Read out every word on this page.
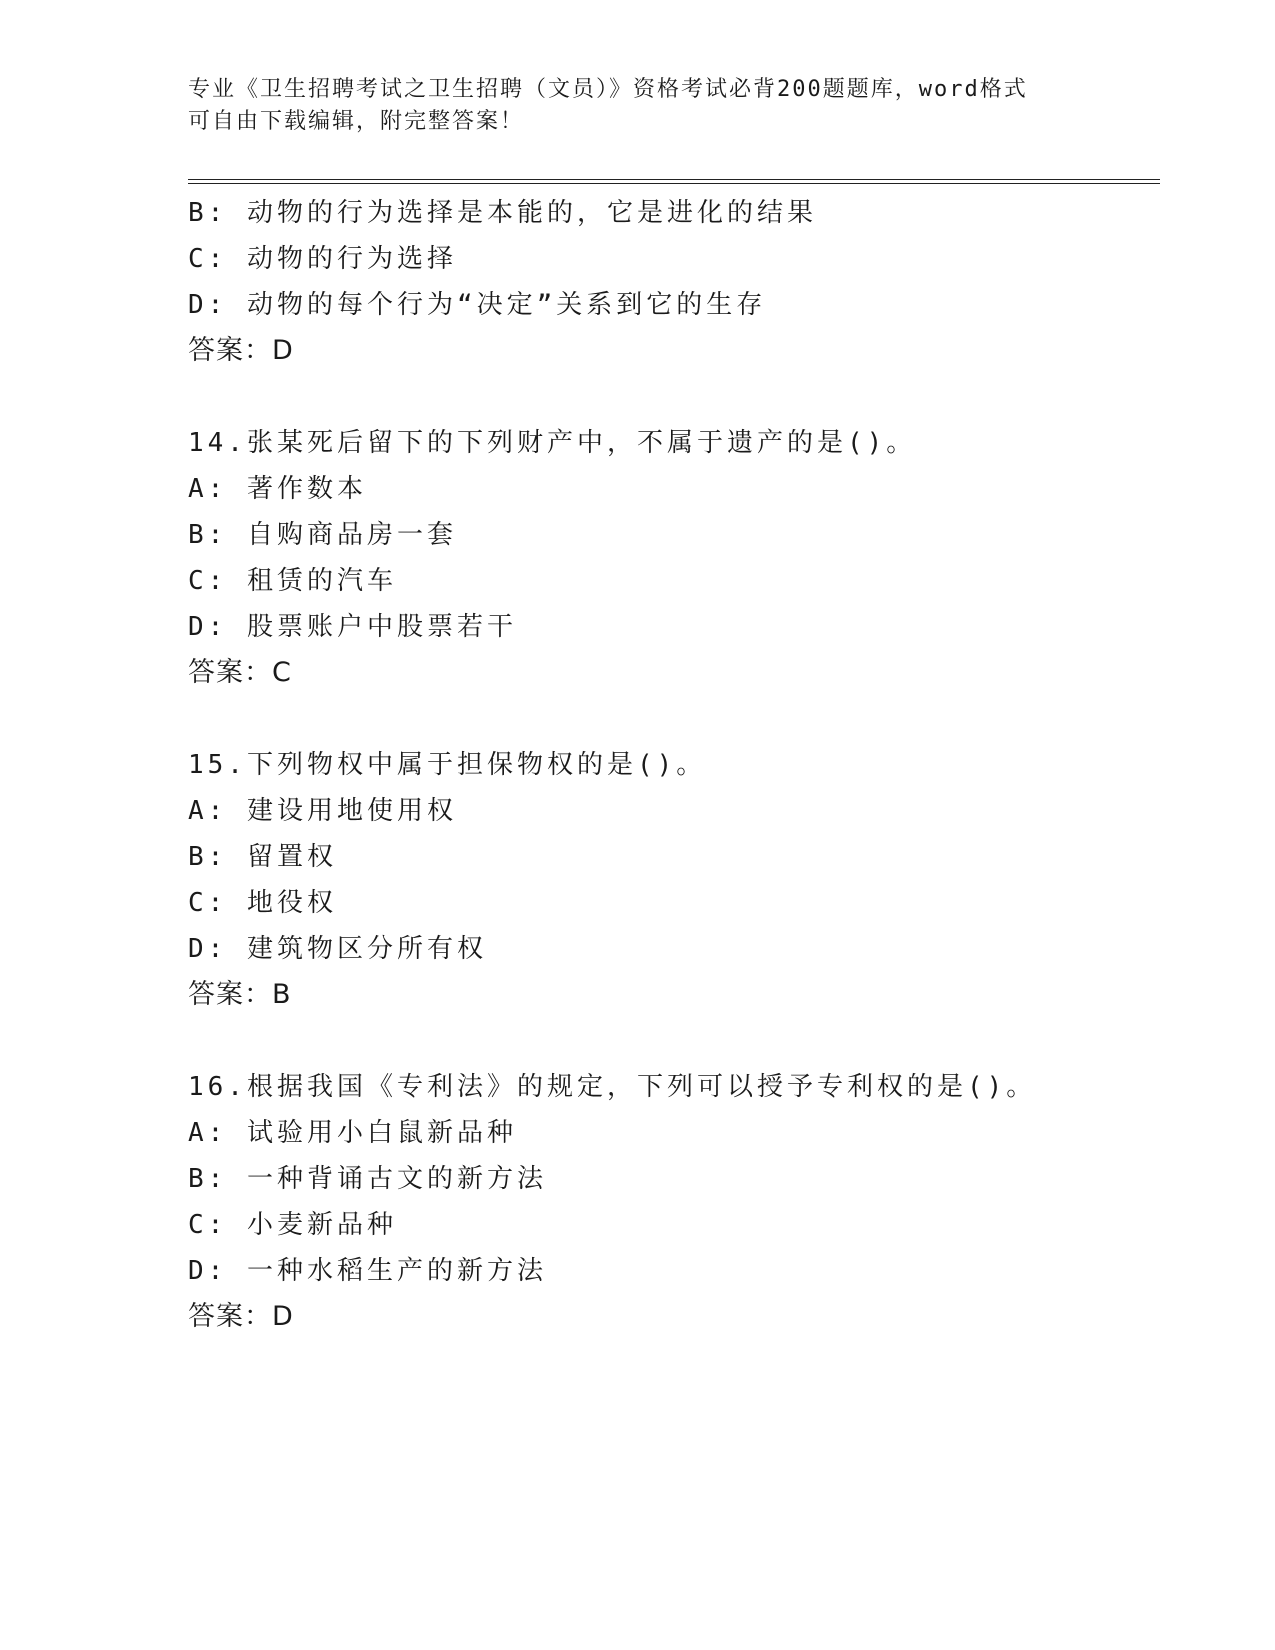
专业《卫生招聘考试之卫生招聘（文员）》资格考试必背200题题库，word格式
可自由下载编辑，附完整答案！
B: 动物的行为选择是本能的，它是进化的结果
C: 动物的行为选择
D: 动物的每个行为“决定”关系到它的生存
答案：D
14.张某死后留下的下列财产中，不属于遗产的是()。
A: 著作数本
B: 自购商品房一套
C: 租赁的汽车
D: 股票账户中股票若干
答案：C
15.下列物权中属于担保物权的是()。
A: 建设用地使用权
B: 留置权
C: 地役权
D: 建筑物区分所有权
答案：B
16.根据我国《专利法》的规定，下列可以授予专利权的是()。
A: 试验用小白鼠新品种
B: 一种背诵古文的新方法
C: 小麦新品种
D: 一种水稻生产的新方法
答案：D
